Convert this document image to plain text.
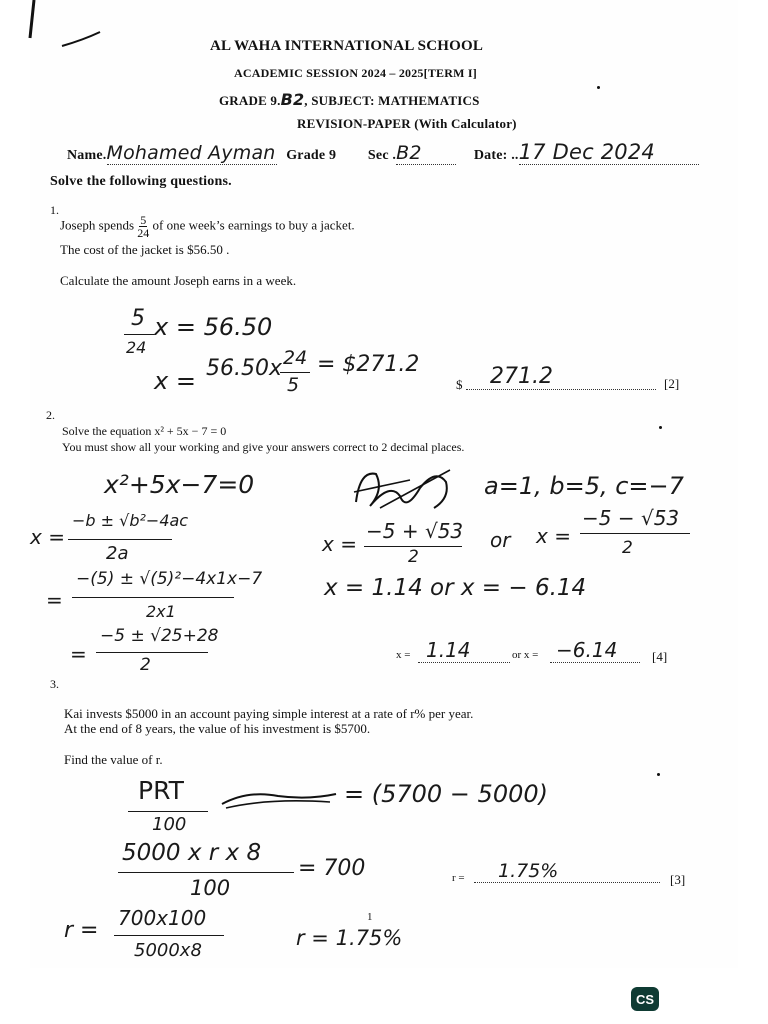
AL WAHA INTERNATIONAL SCHOOL
ACADEMIC SESSION 2024 – 2025[TERM I]
GRADE 9.B2, SUBJECT: MATHEMATICS
REVISION-PAPER (With Calculator)
Name.Mohamed Ayman Grade 9 Sec .B2	Date: ..17 Dec 2024
Solve the following questions.
1.
Joseph spends $\frac{5}{24}$ of one week’s earnings to buy a jacket.
The cost of the jacket is $56.50 .
Calculate the amount Joseph earns in a week.
5
24
x = 56.50
x = 56.50x 24
5
= $271.2
$	271.2	[2]
2.
Solve the equation x² + 5x − 7 = 0
You must show all your working and give your answers correct to 2 decimal places.
x²+5x−7=0	a=1, b=5, c=−7
x =
−b ± √b²−4ac
2a
=
−(5) ± √(5)²−4x1x−7
2x1
=
−5 ± √25+28
2
x =
−5 + √53
2
or x =
−5 − √53
2
x = 1.14 or x = − 6.14
x = 1.14	or x = −6.14	[4]
3.
Kai invests $5000 in an account paying simple interest at a rate of r% per year.
At the end of 8 years, the value of his investment is $5700.
Find the value of r.
PRT
100
= (5700 − 5000)
5000 x r x 8
100
= 700
r = 700x100
5000x8
r = 1.75%
r =	1.75%	[3]
1
CS
